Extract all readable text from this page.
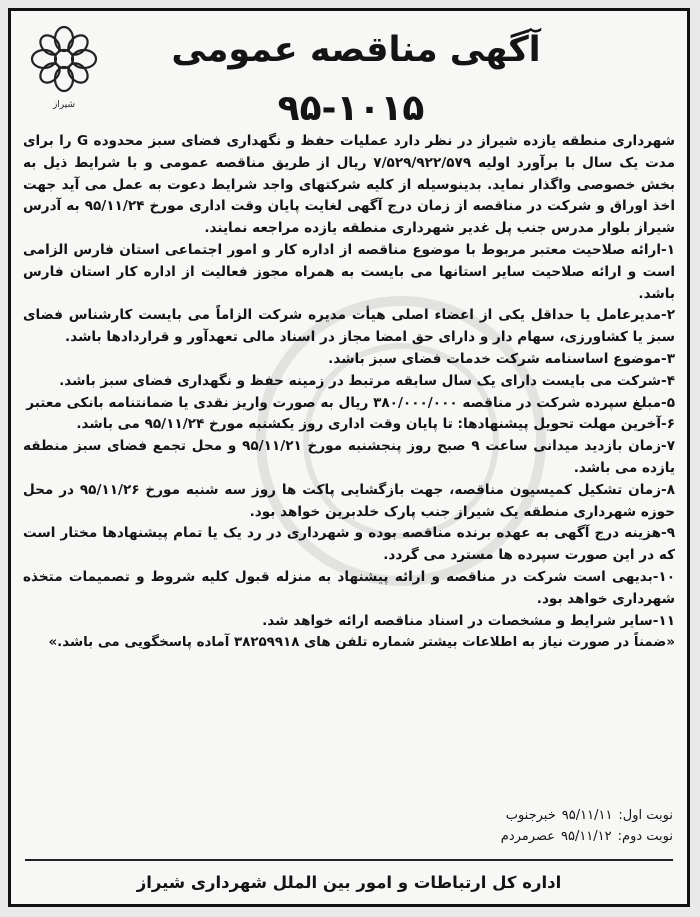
شیراز
آگهی مناقصه عمومی
۹۵-۱۰۱۵

شهرداری منطقه یازده شیراز در نظر دارد عملیات حفظ و نگهداری فضای سبز محدوده G را برای مدت یک سال با برآورد اولیه ۷/۵۲۹/۹۲۲/۵۷۹ ریال از طریق مناقصه عمومی و با شرایط ذیل به بخش خصوصی واگذار نماید. بدینوسیله از کلیه شرکتهای واجد شرایط دعوت به عمل می آید جهت اخذ اوراق و شرکت در مناقصه از زمان درج آگهی لغایت پایان وقت اداری مورخ ۹۵/۱۱/۲۴ به آدرس شیراز بلوار مدرس جنب پل غدیر شهرداری منطقه یازده مراجعه نمایند.

۱-ارائه صلاحیت معتبر مربوط با موضوع مناقصه از اداره کار و امور اجتماعی استان فارس الزامی است و ارائه صلاحیت سایر استانها می بایست به همراه مجوز فعالیت از اداره کار استان فارس باشد.

۲-مدیرعامل یا حداقل یکی از اعضاء اصلی هیأت مدیره شرکت الزاماً می بایست کارشناس فضای سبز یا کشاورزی، سهام دار و دارای حق امضا مجاز در اسناد مالی تعهدآور و قراردادها باشد.

۳-موضوع اساسنامه شرکت خدمات فضای سبز باشد.

۴-شرکت می بایست دارای یک سال سابقه مرتبط در زمینه حفظ و نگهداری فضای سبز باشد.

۵-مبلغ سپرده شرکت در مناقصه ۳۸۰/۰۰۰/۰۰۰ ریال به صورت واریز نقدی یا ضمانتنامه بانکی معتبر

۶-آخرین مهلت تحویل پیشنهادها: تا پایان وقت اداری روز یکشنبه مورخ ۹۵/۱۱/۲۴ می باشد.

۷-زمان بازدید میدانی ساعت ۹ صبح روز پنجشنبه مورخ ۹۵/۱۱/۲۱ و محل تجمع فضای سبز منطقه یازده می باشد.

۸-زمان تشکیل کمیسیون مناقصه، جهت بازگشایی پاکت ها روز سه شنبه مورخ ۹۵/۱۱/۲۶ در محل حوزه شهرداری منطقه یک شیراز جنب پارک خلدبرین خواهد بود.

۹-هزینه درج آگهی به عهده برنده مناقصه بوده و شهرداری در رد یک یا تمام پیشنهادها مختار است که در این صورت سپرده ها مسترد می گردد.

۱۰-بدیهی است شرکت در مناقصه و ارائه پیشنهاد به منزله قبول کلیه شروط و تصمیمات متخذه شهرداری خواهد بود.

۱۱-سایر شرایط و مشخصات در اسناد مناقصه ارائه خواهد شد.

«ضمناً در صورت نیاز به اطلاعات بیشتر شماره تلفن های ۳۸۲۵۹۹۱۸ آماده پاسخگویی می باشد.»

نوبت اول:۹۵/۱۱/۱۱خبرجنوب
نوبت دوم:۹۵/۱۱/۱۲عصرمردم
اداره کل ارتباطات و امور بین الملل شهرداری شیراز
